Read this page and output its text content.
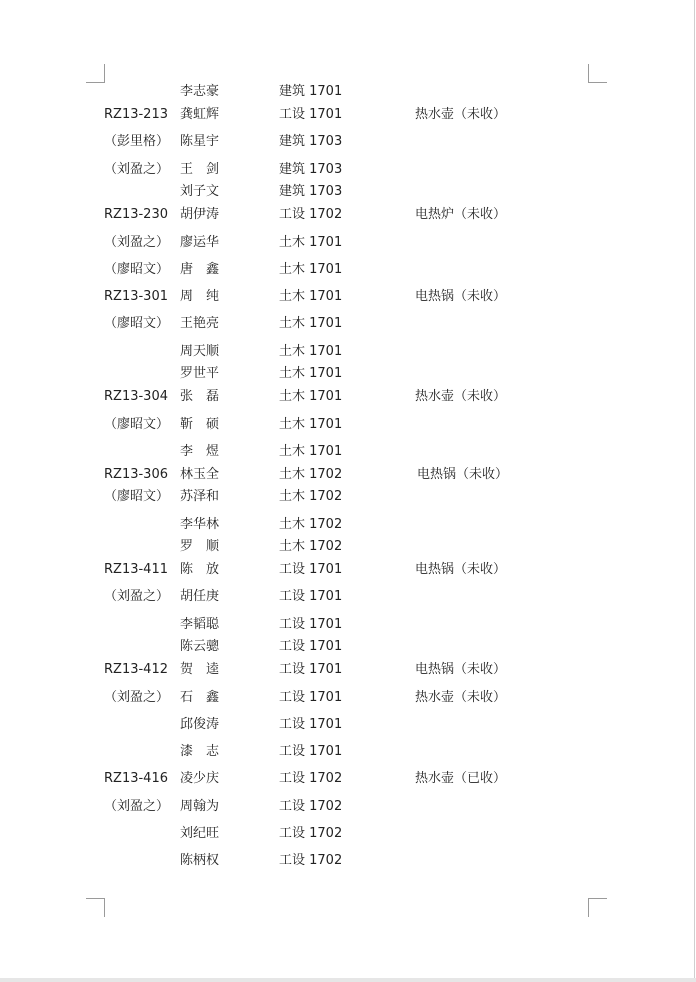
李志豪	建筑 1701
RZ13-213 龚虹辉	工设 1701	热水壶（未收）
（彭里格） 陈星宇	建筑 1703
（刘盈之） 王　剑	建筑 1703
刘子文	建筑 1703
RZ13-230 胡伊涛	工设 1702	电热炉（未收）
（刘盈之） 廖运华	土木 1701
（廖昭文） 唐　鑫	土木 1701
RZ13-301 周　纯	土木 1701	电热锅（未收）
（廖昭文） 王艳亮	土木 1701
周天顺	土木 1701
罗世平	土木 1701
RZ13-304 张　磊	土木 1701	热水壶（未收）
（廖昭文） 靳　硕	土木 1701
李　煜	土木 1701
RZ13-306 林玉全	土木 1702	电热锅（未收）
（廖昭文） 苏泽和	土木 1702
李华林	土木 1702
罗　顺	土木 1702
RZ13-411 陈　放	工设 1701	电热锅（未收）
（刘盈之） 胡任庚	工设 1701
李韬聪	工设 1701
陈云骢	工设 1701
RZ13-412 贺　逵	工设 1701	电热锅（未收）
（刘盈之） 石　鑫	工设 1701	热水壶（未收）
邱俊涛	工设 1701
漆　志	工设 1701
RZ13-416 凌少庆	工设 1702	热水壶（已收）
（刘盈之） 周翰为	工设 1702
刘纪旺	工设 1702
陈柄权	工设 1702
